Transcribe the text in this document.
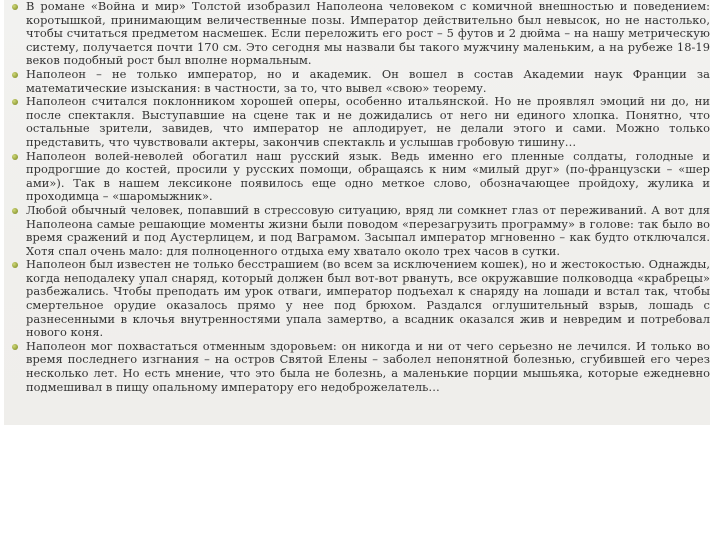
В романе «Война и мир» Толстой изобразил Наполеона человеком с комичной внешностью и поведением: коротышкой, принимающим величественные позы. Император действительно был невысок, но не настолько, чтобы считаться предметом насмешек. Если переложить его рост – 5 футов и 2 дюйма – на нашу метрическую систему, получается почти 170 см. Это сегодня мы назвали бы такого мужчину маленьким, а на рубеже 18-19 веков подобный рост был вполне нормальным.
Наполеон – не только император, но и академик. Он вошел в состав Академии наук Франции за математические изыскания: в частности, за то, что вывел «свою» теорему.
Наполеон считался поклонником хорошей оперы, особенно итальянской. Но не проявлял эмоций ни до, ни после спектакля. Выступавшие на сцене так и не дожидались от него ни единого хлопка. Понятно, что остальные зрители, завидев, что император не аплодирует, не делали этого и сами. Можно только представить, что чувствовали актеры, закончив спектакль и услышав гробовую тишину…
Наполеон волей-неволей обогатил наш русский язык. Ведь именно его пленные солдаты, голодные и продрогшие до костей, просили у русских помощи, обращаясь к ним «милый друг» (по-французски – «шер ами»). Так в нашем лексиконе появилось еще одно меткое слово, обозначающее пройдоху, жулика и проходимца – «шаромыжник».
Любой обычный человек, попавший в стрессовую ситуацию, вряд ли сомкнет глаз от переживаний. А вот для Наполеона самые решающие моменты жизни были поводом «перезагрузить программу» в голове: так было во время сражений и под Аустерлицем, и под Ваграмом. Засыпал император мгновенно – как будто отключался. Хотя спал очень мало: для полноценного отдыха ему хватало около трех часов в сутки.
Наполеон был известен не только бесстрашием (во всем за исключением кошек), но и жестокостью. Однажды, когда неподалеку упал снаряд, который должен был вот-вот рвануть, все окружавшие полководца «крабрецы» разбежались. Чтобы преподать им урок отваги, император подъехал к снаряду на лошади и встал так, чтобы смертельное орудие оказалось прямо у нее под брюхом. Раздался оглушительный взрыв, лошадь с разнесенными в клочья внутренностями упала замертво, а всадник оказался жив и невредим и потребовал нового коня.
Наполеон мог похвастаться отменным здоровьем: он никогда и ни от чего серьезно не лечился. И только во время последнего изгнания – на остров Святой Елены – заболел непонятной болезнью, сгубившей его через несколько лет. Но есть мнение, что это была не болезнь, а маленькие порции мышьяка, которые ежедневно подмешивал в пищу опальному императору его недоброжелатель…
